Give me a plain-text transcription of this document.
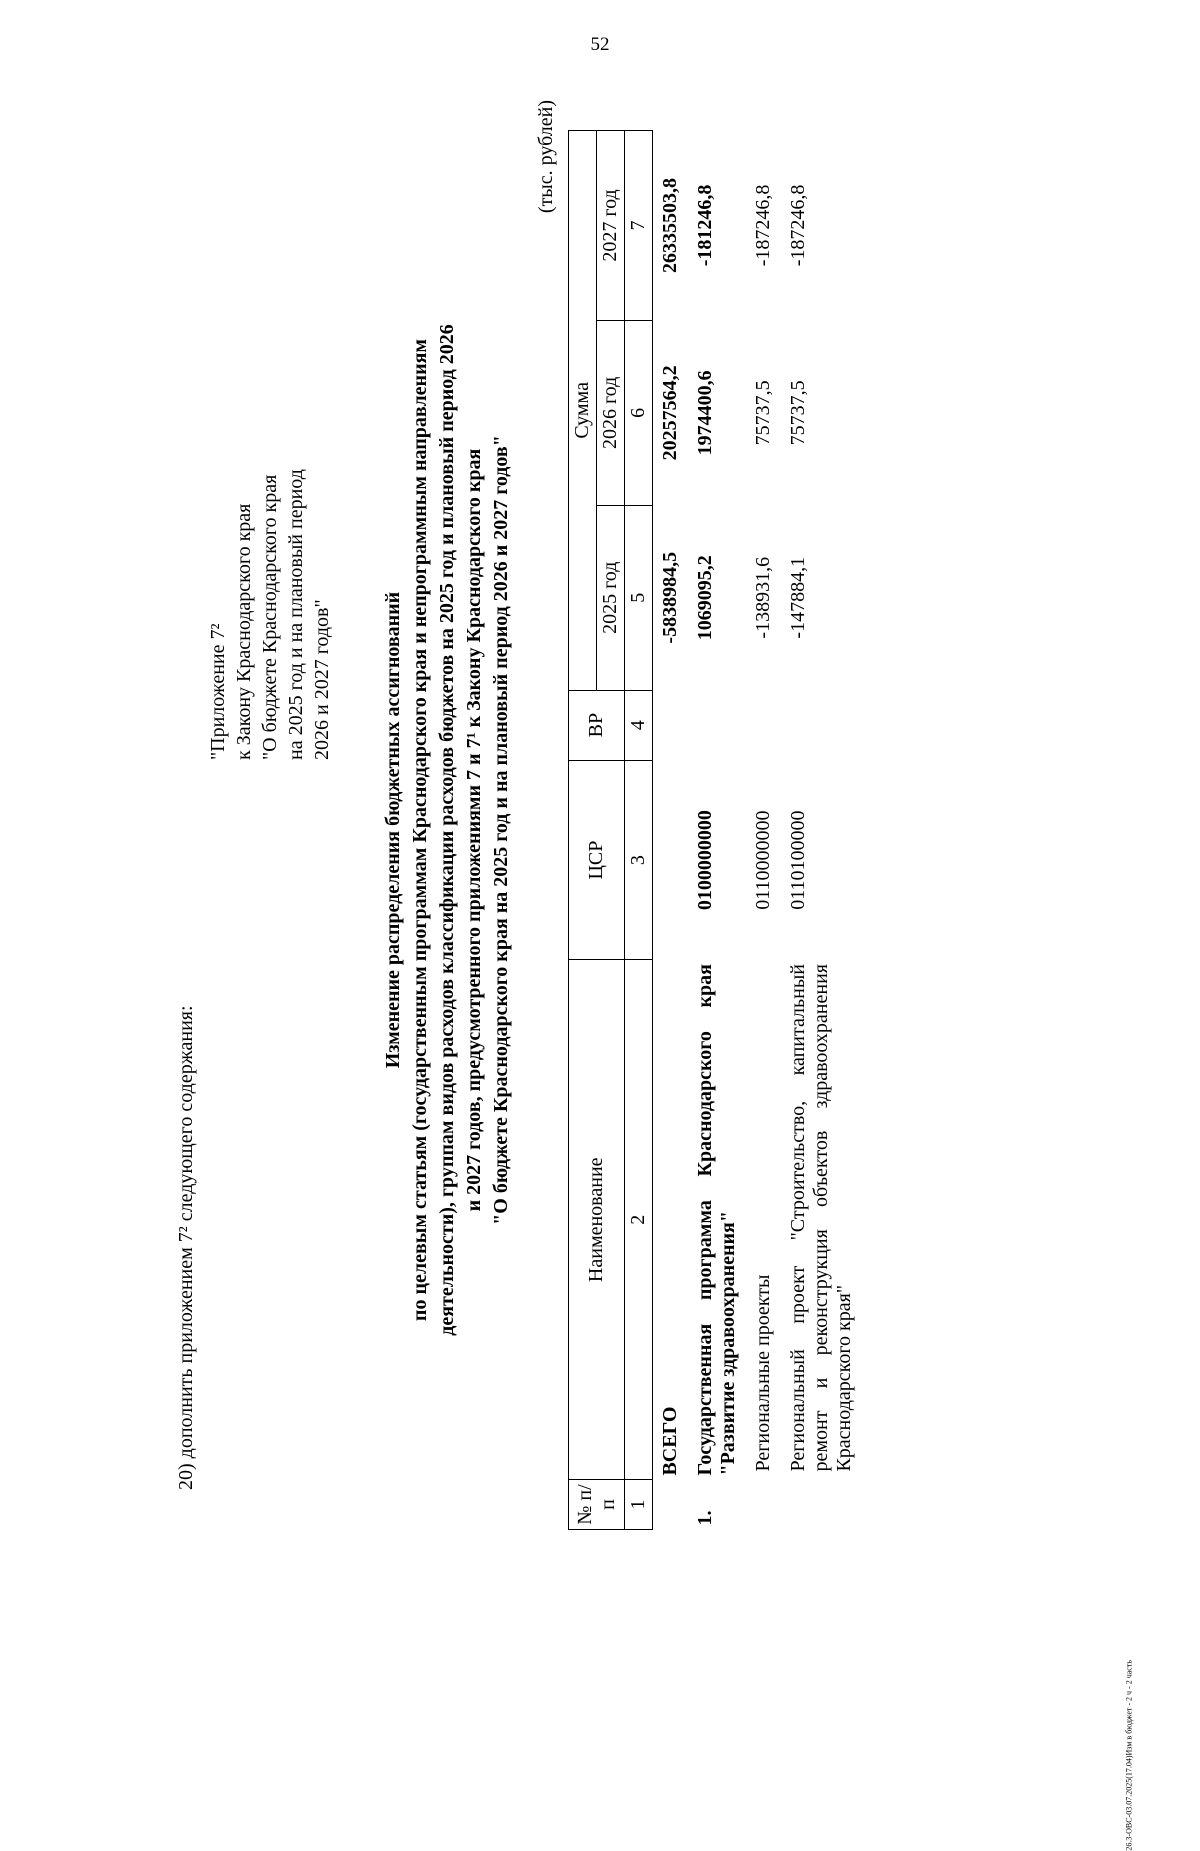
52
20) дополнить приложением 7² следующего содержания:
"Приложение 7² к Закону Краснодарского края "О бюджете Краснодарского края на 2025 год и на плановый период 2026 и 2027 годов" Изменение распределения бюджетных ассигнований по целевым статьям (государственным программам Краснодарского края и непрограммным направлениям деятельности), группам видов расходов классификации расходов бюджетов на 2025 год и плановый период 2026 и 2027 годов, предусмотренного приложениями 7 и 7¹ к Закону Краснодарского края "О бюджете Краснодарского края на 2025 год и на плановый период 2026 и 2027 годов"
(тыс. рублей)
№ п/п	Наименование	ЦСР	ВР	Сумма		
				2025 год	2026 год	2027 год
1	2	3	4	5	6	7
	ВСЕГО			-5838984,5	20257564,2	26335503,8
1.	Государственная программа Краснодарского края "Развитие здравоохранения"	0100000000		1069095,2	1974400,6	-181246,8
	Региональные проекты	0110000000		-138931,6	75737,5	-187246,8
	Региональный проект "Строительство, капитальный ремонт и реконструкция объектов здравоохранения Краснодарского края"	0110100000		-147884,1	75737,5	-187246,8
26.3-ОВС-03.07.2025(17.04)Изм в бюджет - 2 ч - 2 часть
